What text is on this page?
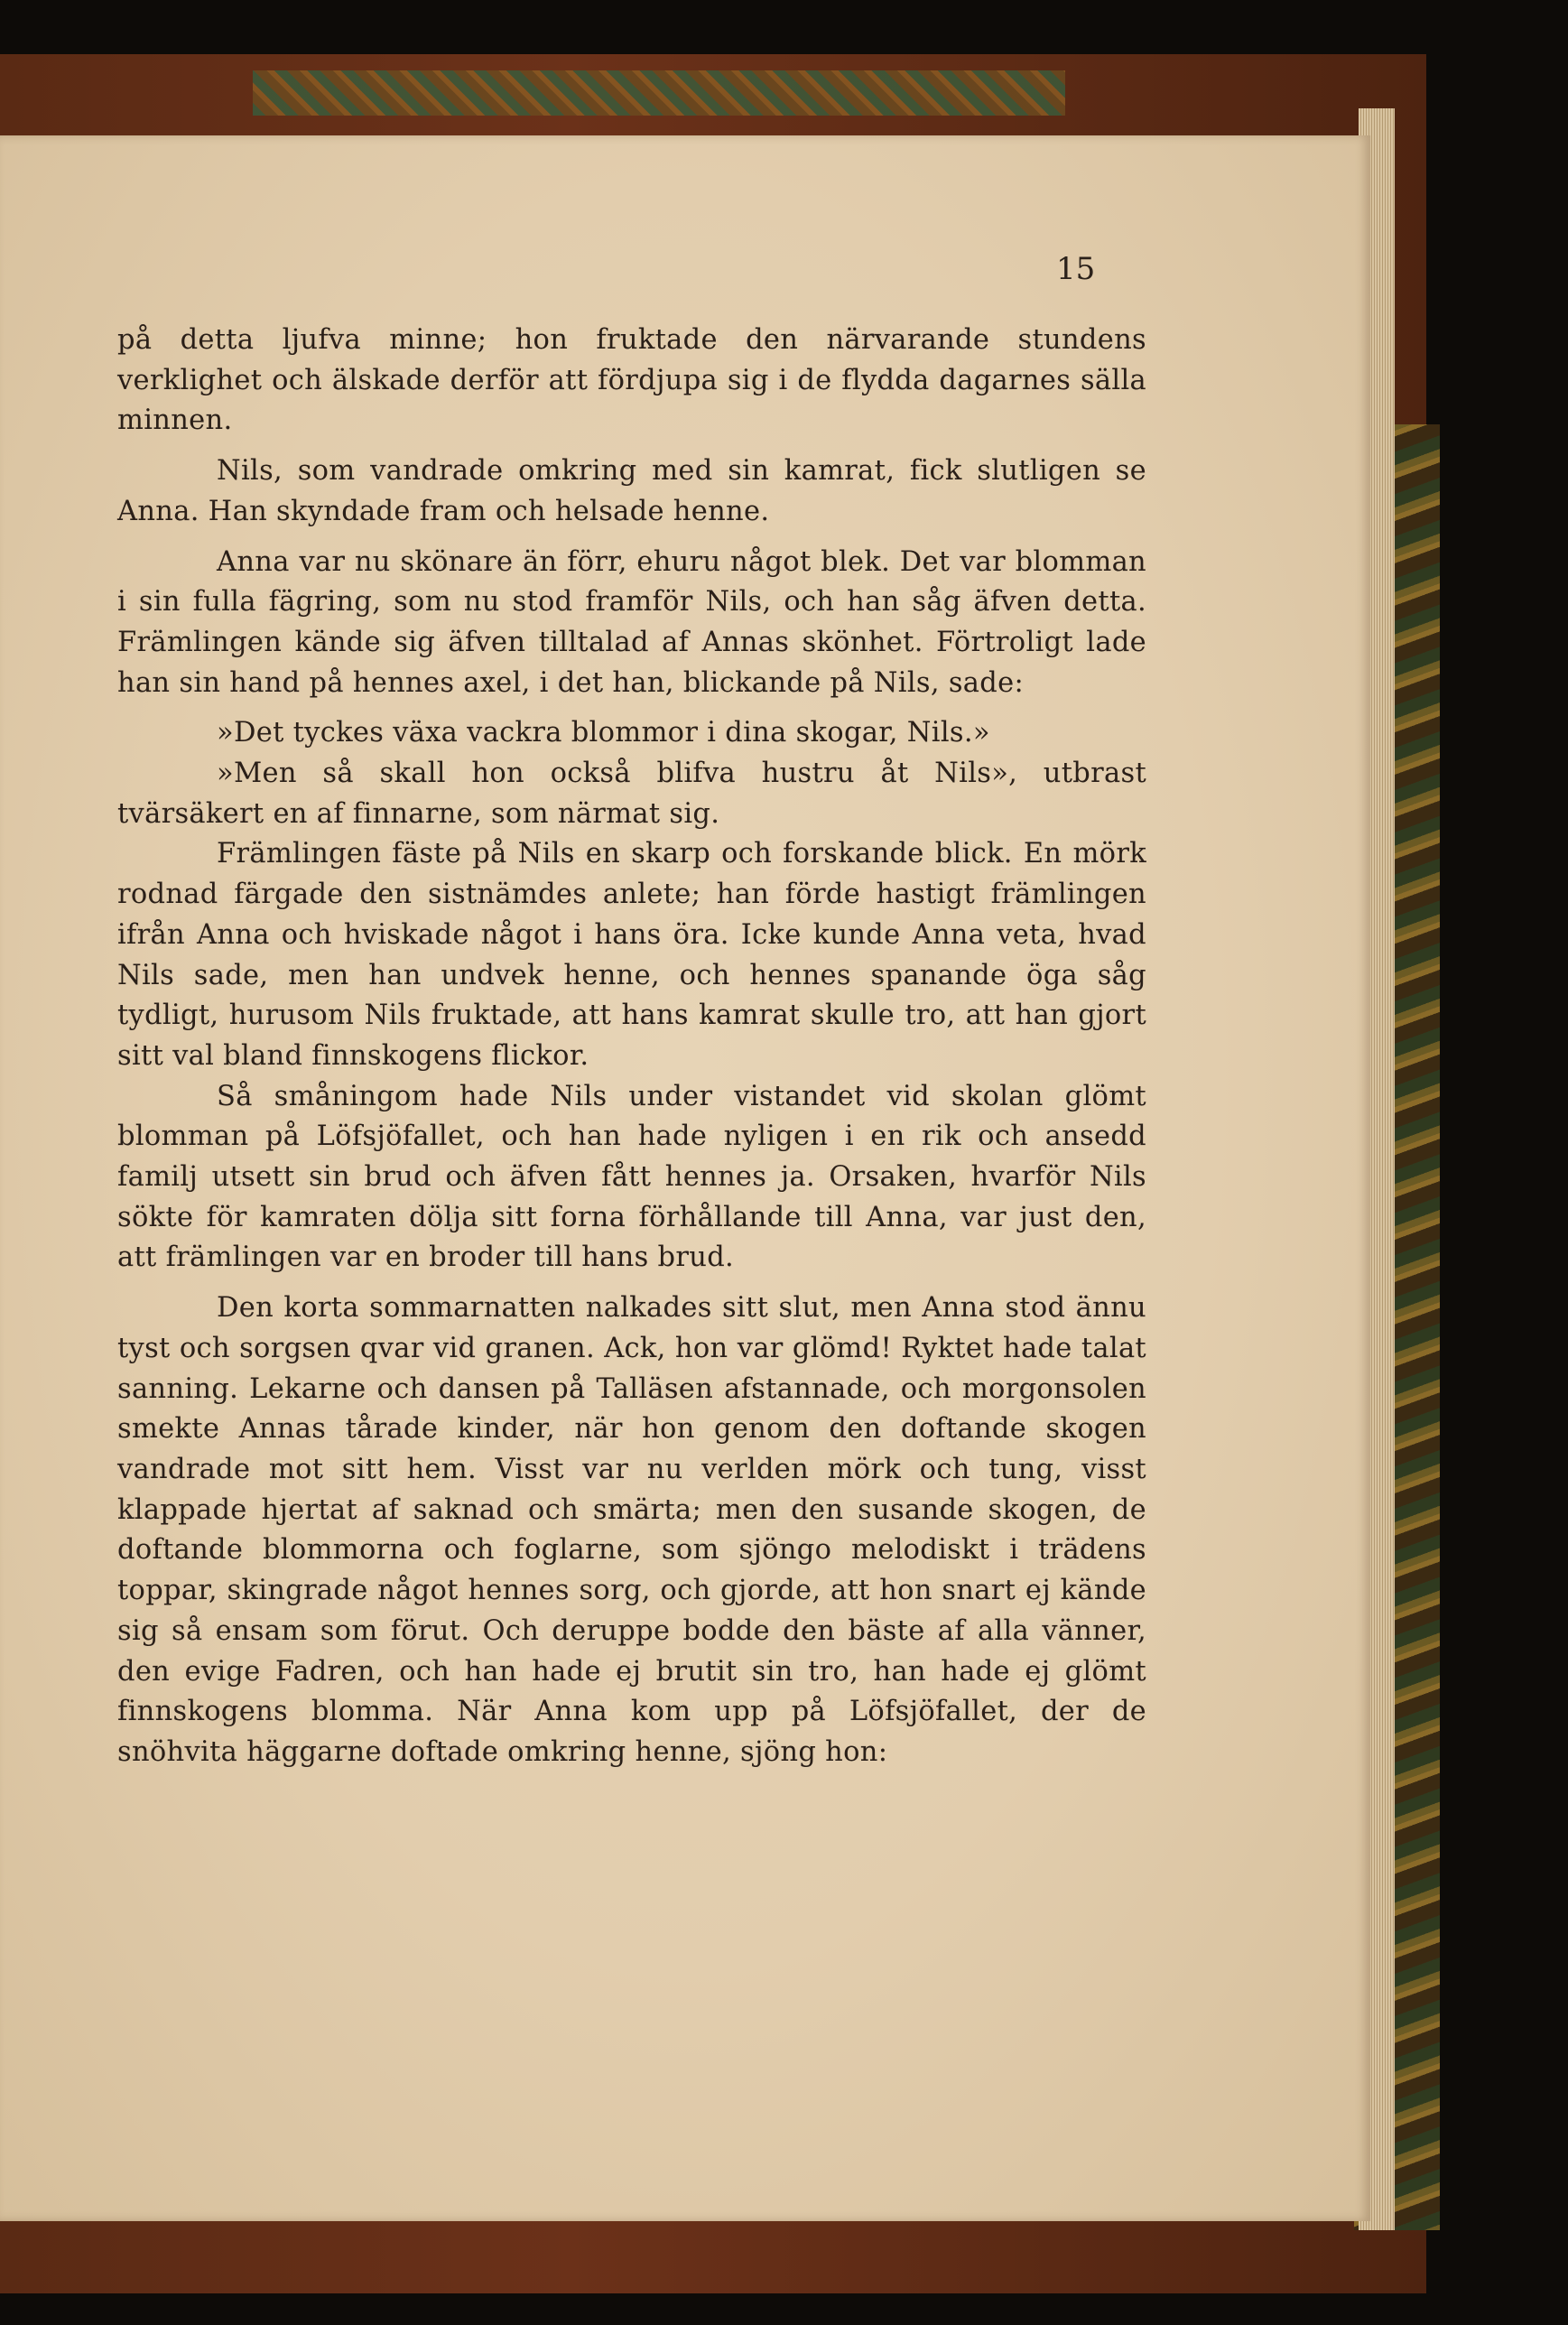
15

på detta ljufva minne; hon fruktade den närvarande stundens verklighet och älskade derför att fördjupa sig i de flydda dagarnes sälla minnen.

Nils, som vandrade omkring med sin kamrat, fick slutligen se Anna. Han skyndade fram och helsade henne.

Anna var nu skönare än förr, ehuru något blek. Det var blomman i sin fulla fägring, som nu stod framför Nils, och han såg äfven detta. Främlingen kände sig äfven tilltalad af Annas skönhet. Förtroligt lade han sin hand på hennes axel, i det han, blickande på Nils, sade:

»Det tyckes växa vackra blommor i dina skogar, Nils.»

»Men så skall hon också blifva hustru åt Nils», utbrast tvärsäkert en af finnarne, som närmat sig.

Främlingen fäste på Nils en skarp och forskande blick. En mörk rodnad färgade den sistnämdes anlete; han förde hastigt främlingen ifrån Anna och hviskade något i hans öra. Icke kunde Anna veta, hvad Nils sade, men han undvek henne, och hennes spanande öga såg tydligt, hurusom Nils fruktade, att hans kamrat skulle tro, att han gjort sitt val bland finnskogens flickor.

Så småningom hade Nils under vistandet vid skolan glömt blomman på Löfsjöfallet, och han hade nyligen i en rik och ansedd familj utsett sin brud och äfven fått hennes ja. Orsaken, hvarför Nils sökte för kamraten dölja sitt forna förhållande till Anna, var just den, att främlingen var en broder till hans brud.

Den korta sommarnatten nalkades sitt slut, men Anna stod ännu tyst och sorgsen qvar vid granen. Ack, hon var glömd! Ryktet hade talat sanning. Lekarne och dansen på Talläsen afstannade, och morgonsolen smekte Annas tårade kinder, när hon genom den doftande skogen vandrade mot sitt hem. Visst var nu verlden mörk och tung, visst klappade hjertat af saknad och smärta; men den susande skogen, de doftande blommorna och foglarne, som sjöngo melodiskt i trädens toppar, skingrade något hennes sorg, och gjorde, att hon snart ej kände sig så ensam som förut. Och deruppe bodde den bäste af alla vänner, den evige Fadren, och han hade ej brutit sin tro, han hade ej glömt finnskogens blomma. När Anna kom upp på Löfsjöfallet, der de snöhvita häggarne doftade omkring henne, sjöng hon:
